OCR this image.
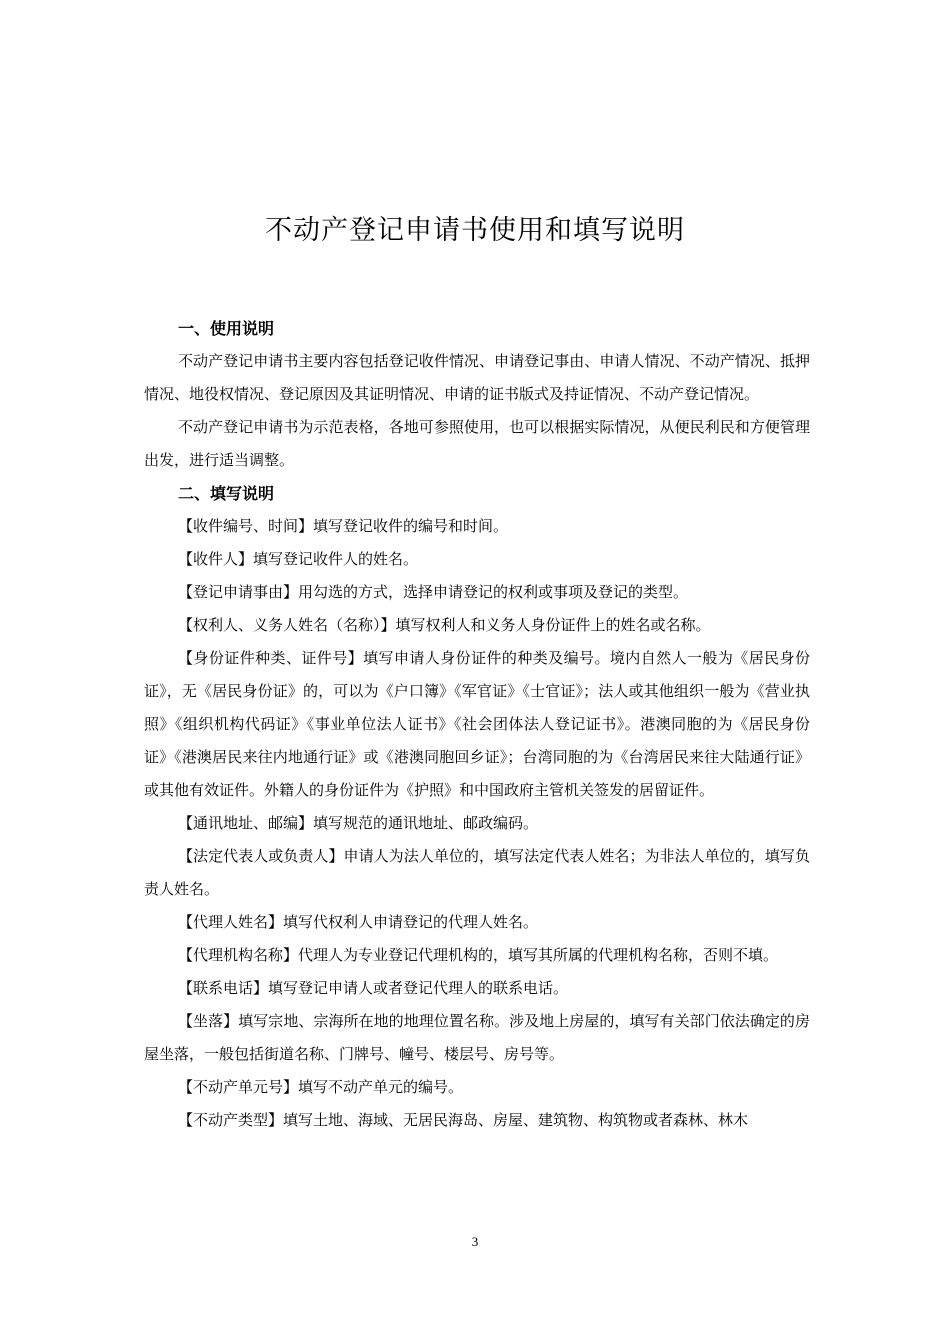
不动产登记申请书使用和填写说明

一、使用说明

不动产登记申请书主要内容包括登记收件情况、申请登记事由、申请人情况、不动产情况、抵押情况、地役权情况、登记原因及其证明情况、申请的证书版式及持证情况、不动产登记情况。

不动产登记申请书为示范表格，各地可参照使用，也可以根据实际情况，从便民利民和方便管理出发，进行适当调整。

二、填写说明

【收件编号、时间】填写登记收件的编号和时间。

【收件人】填写登记收件人的姓名。

【登记申请事由】用勾选的方式，选择申请登记的权利或事项及登记的类型。

【权利人、义务人姓名（名称）】填写权利人和义务人身份证件上的姓名或名称。

【身份证件种类、证件号】填写申请人身份证件的种类及编号。境内自然人一般为《居民身份证》，无《居民身份证》的，可以为《户口簿》《军官证》《士官证》；法人或其他组织一般为《营业执照》《组织机构代码证》《事业单位法人证书》《社会团体法人登记证书》。港澳同胞的为《居民身份证》《港澳居民来往内地通行证》或《港澳同胞回乡证》；台湾同胞的为《台湾居民来往大陆通行证》或其他有效证件。外籍人的身份证件为《护照》和中国政府主管机关签发的居留证件。

【通讯地址、邮编】填写规范的通讯地址、邮政编码。

【法定代表人或负责人】申请人为法人单位的，填写法定代表人姓名；为非法人单位的，填写负责人姓名。

【代理人姓名】填写代权利人申请登记的代理人姓名。

【代理机构名称】代理人为专业登记代理机构的，填写其所属的代理机构名称，否则不填。

【联系电话】填写登记申请人或者登记代理人的联系电话。

【坐落】填写宗地、宗海所在地的地理位置名称。涉及地上房屋的，填写有关部门依法确定的房屋坐落，一般包括街道名称、门牌号、幢号、楼层号、房号等。

【不动产单元号】填写不动产单元的编号。

【不动产类型】填写土地、海域、无居民海岛、房屋、建筑物、构筑物或者森林、林木

3
